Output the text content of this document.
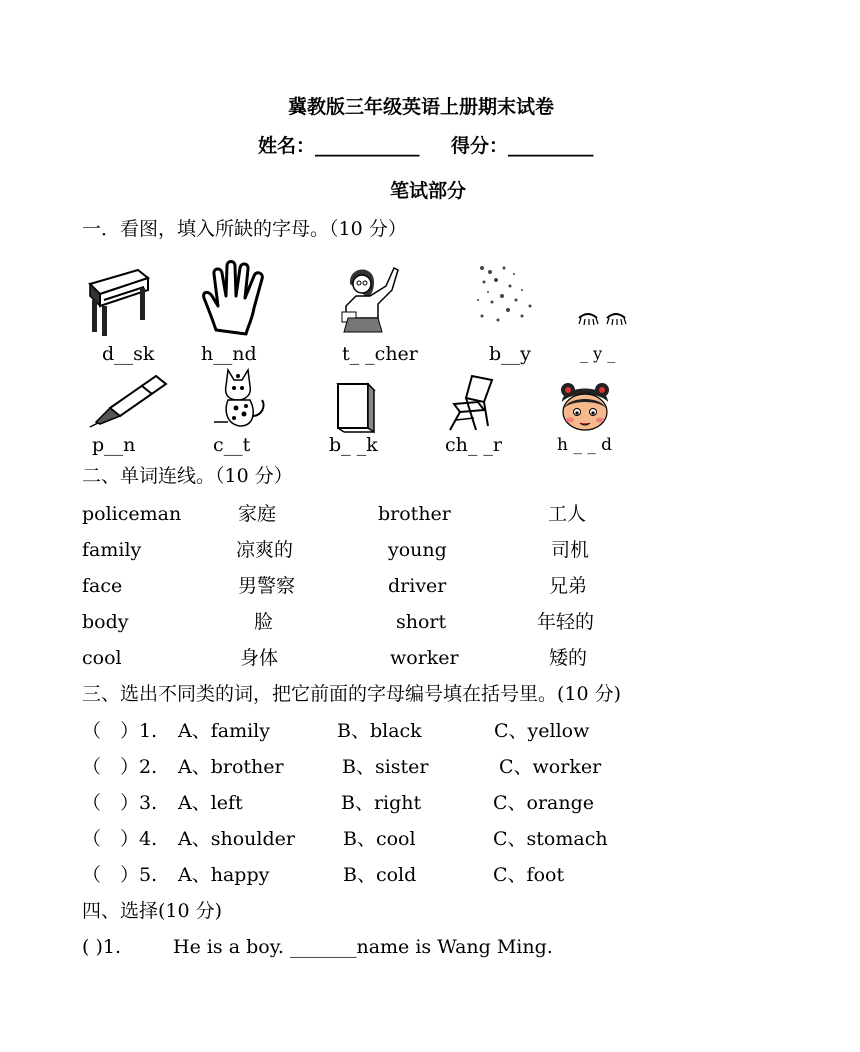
冀教版三年级英语上册期末试卷
姓名：___________ 得分：_________
笔试部分
一．看图，填入所缺的字母。（10 分）
d__sk h__nd	t_ _cher	b__y	_ y _
p__n	c__t	b_ _k	ch_ _r	h _ _ d
二、单词连线。（10 分）
policeman	家庭	brother	工人
family	凉爽的	young	司机
face	男警察	driver	兄弟
body	脸	short	年轻的
cool	身体	worker	矮的
三、选出不同类的词，把它前面的字母编号填在括号里。(10 分)
（　）1. A、family	B、black	C、yellow
（　）2. A、brother	B、sister	C、worker
（　）3. A、left	B、right	C、orange
（　）4. A、shoulder	B、cool	C、stomach
（　）5. A、happy	B、cold	C、foot
四、选择(10 分)
( )1.	He is a boy. _______name is Wang Ming.
